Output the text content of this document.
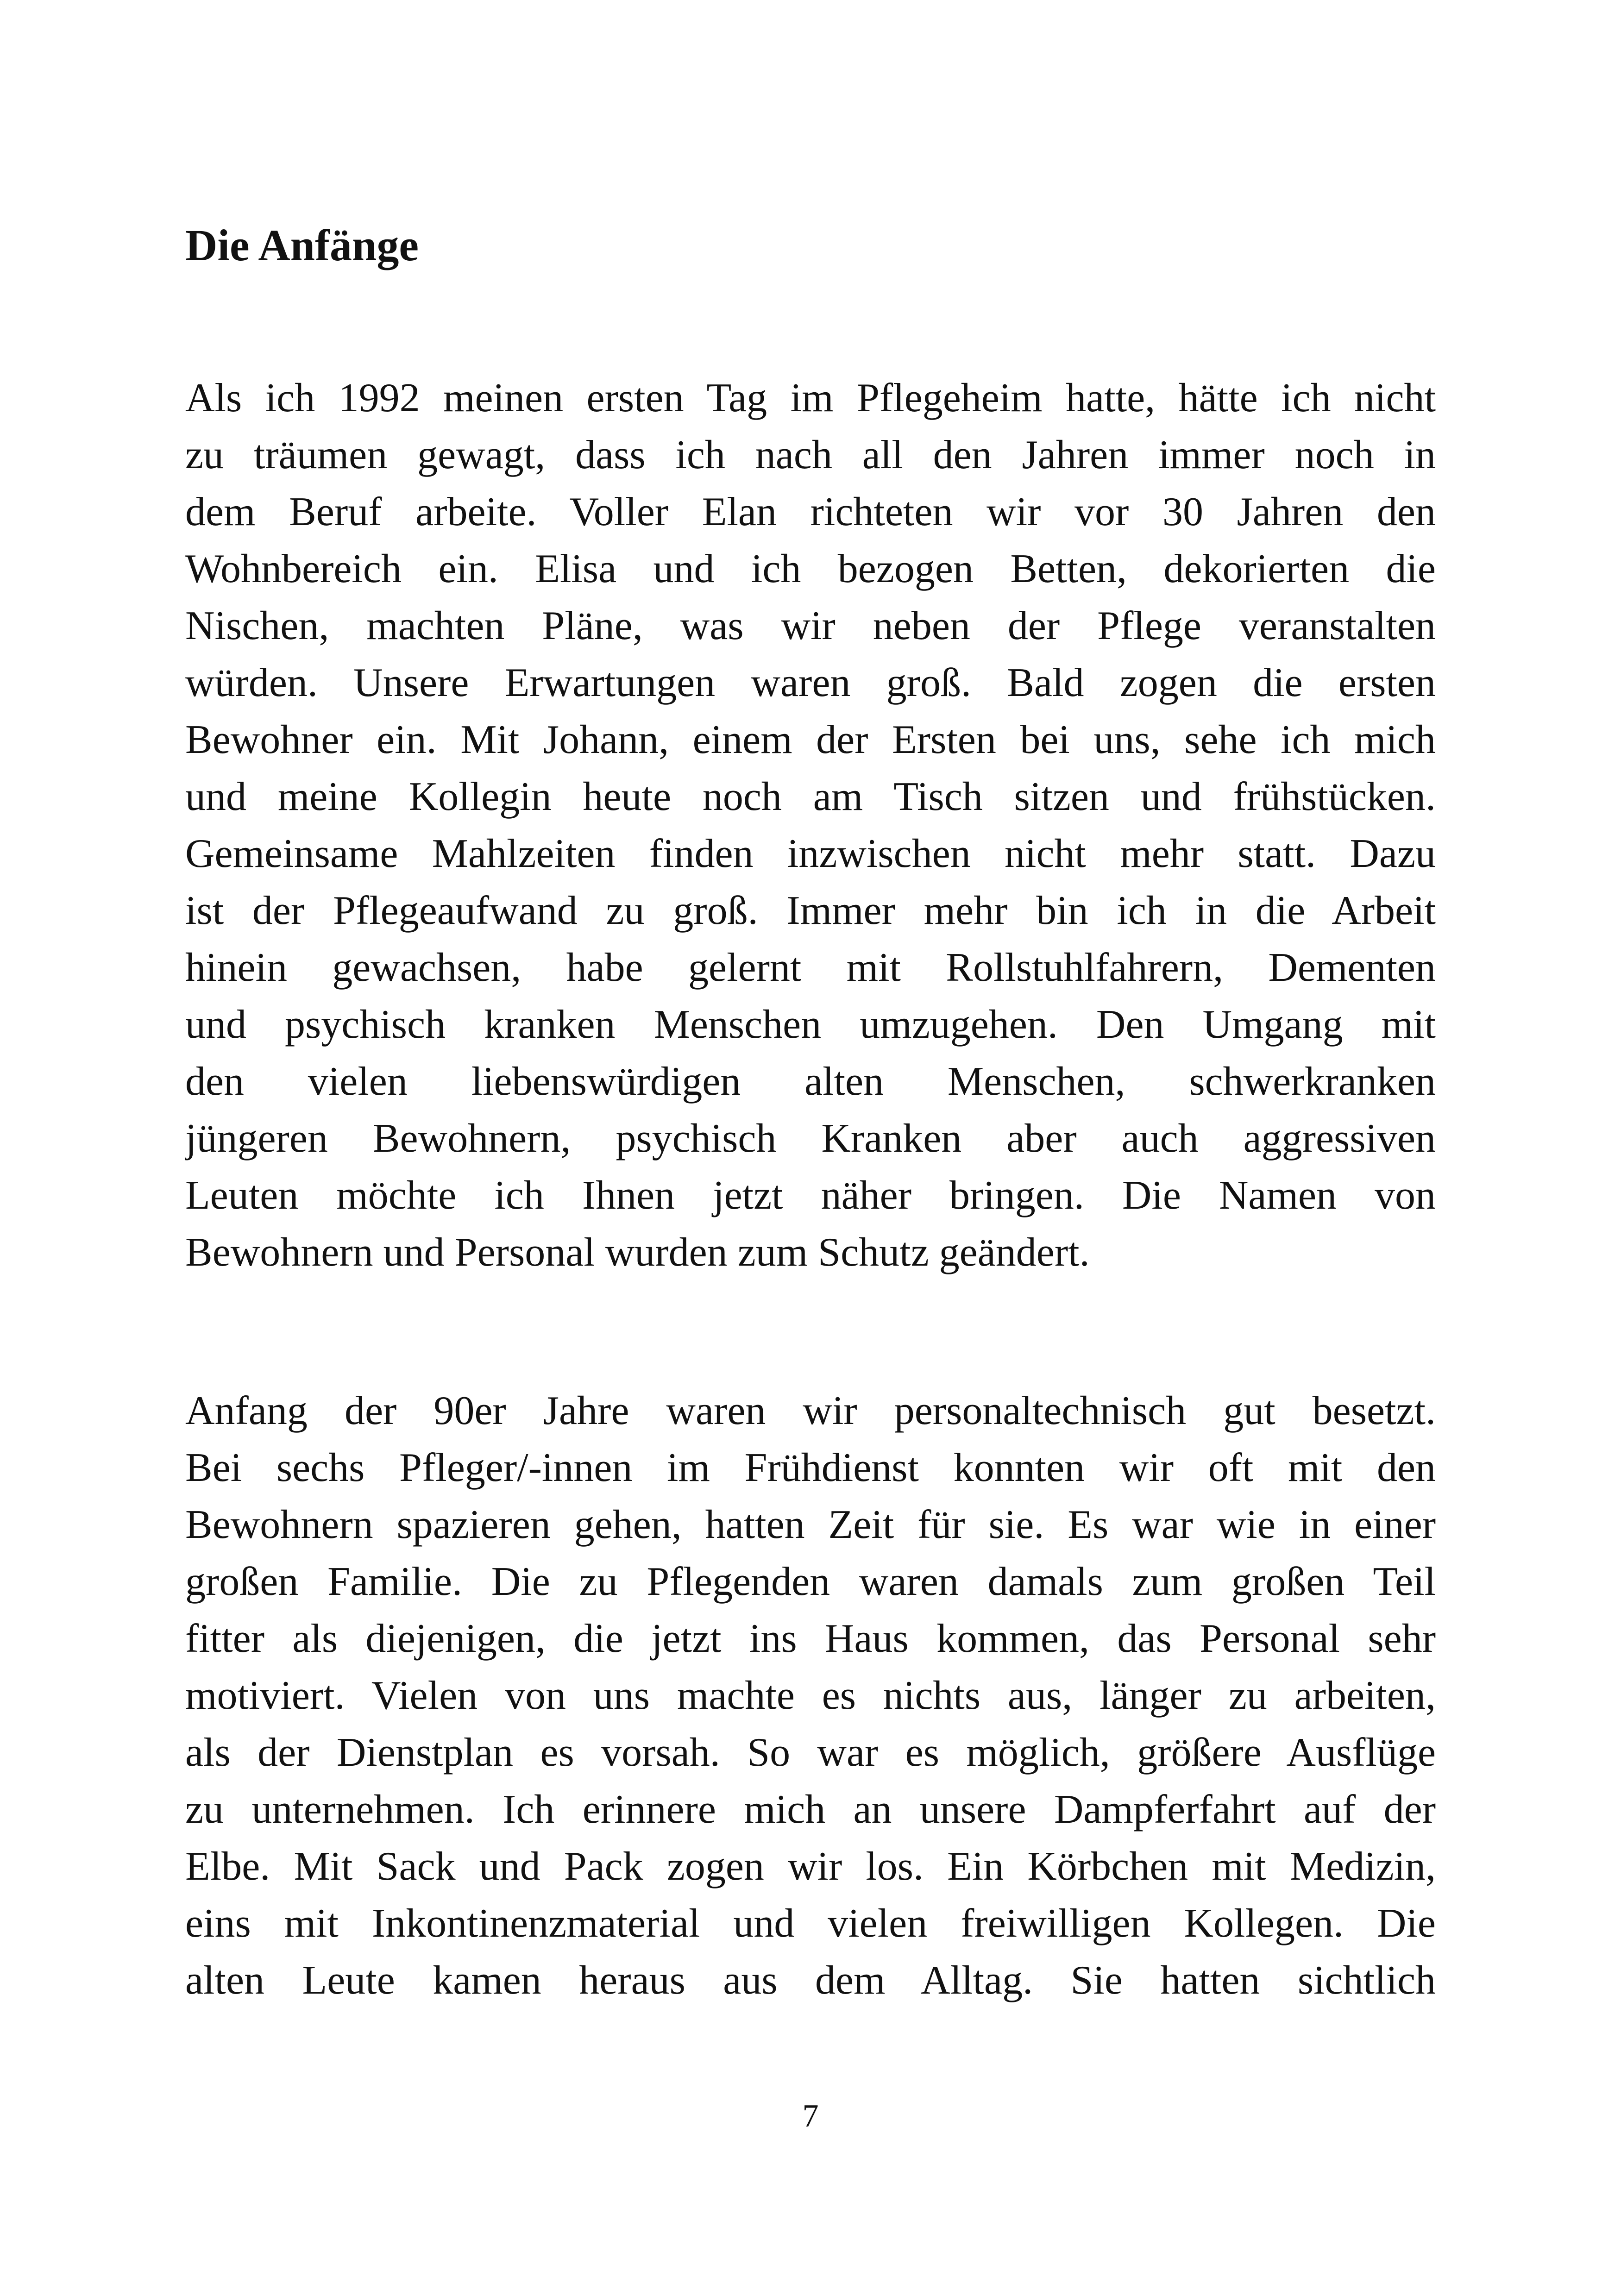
Die Anfänge
Als ich 1992 meinen ersten Tag im Pflegeheim hatte, hätte ich nicht
zu träumen gewagt, dass ich nach all den Jahren immer noch in
dem Beruf arbeite. Voller Elan richteten wir vor 30 Jahren den
Wohnbereich ein. Elisa und ich bezogen Betten, dekorierten die
Nischen, machten Pläne, was wir neben der Pflege veranstalten
würden. Unsere Erwartungen waren groß. Bald zogen die ersten
Bewohner ein. Mit Johann, einem der Ersten bei uns, sehe ich mich
und meine Kollegin heute noch am Tisch sitzen und frühstücken.
Gemeinsame Mahlzeiten finden inzwischen nicht mehr statt. Dazu
ist der Pflegeaufwand zu groß. Immer mehr bin ich in die Arbeit
hinein gewachsen, habe gelernt mit Rollstuhlfahrern, Dementen
und psychisch kranken Menschen umzugehen. Den Umgang mit
den vielen liebenswürdigen alten Menschen, schwerkranken
jüngeren Bewohnern, psychisch Kranken aber auch aggressiven
Leuten möchte ich Ihnen jetzt näher bringen. Die Namen von
Bewohnern und Personal wurden zum Schutz geändert.
Anfang der 90er Jahre waren wir personaltechnisch gut besetzt.
Bei sechs Pfleger/-innen im Frühdienst konnten wir oft mit den
Bewohnern spazieren gehen, hatten Zeit für sie. Es war wie in einer
großen Familie. Die zu Pflegenden waren damals zum großen Teil
fitter als diejenigen, die jetzt ins Haus kommen, das Personal sehr
motiviert. Vielen von uns machte es nichts aus, länger zu arbeiten,
als der Dienstplan es vorsah. So war es möglich, größere Ausflüge
zu unternehmen. Ich erinnere mich an unsere Dampferfahrt auf der
Elbe. Mit Sack und Pack zogen wir los. Ein Körbchen mit Medizin,
eins mit Inkontinenzmaterial und vielen freiwilligen Kollegen. Die
alten Leute kamen heraus aus dem Alltag. Sie hatten sichtlich
7
